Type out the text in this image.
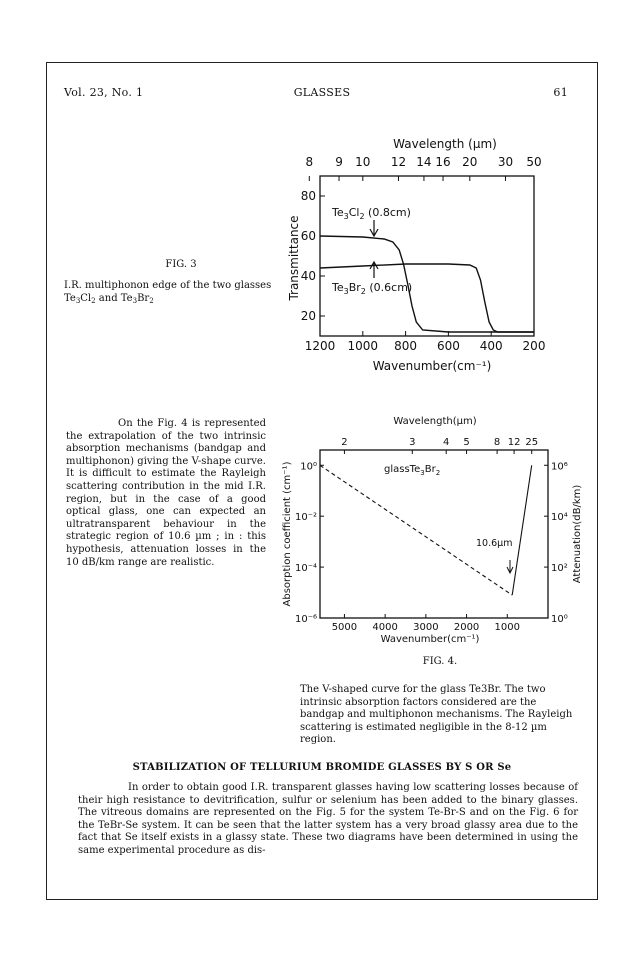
Vol. 23, No. 1	GLASSES	61
Wavelength (µm)
8 9 10 12 14 16 20 30 50
1200 1000 800 600 400 200
20
40
60
80
Transmittance
Wavenumber(cm⁻¹)
$Te_3Cl_2$ (0.8cm)
$Te_3Br_2$ (0.6cm)
FIG. 3
I.R. multiphonon edge of the two glasses $Te_3Cl_2$ and $Te_3Br_2$

On the Fig. 4 is represented the extrapolation of the two intrinsic absorption mechanisms (bandgap and multiphonon) giving the V-shape curve. It is difficult to estimate the Rayleigh scattering contribution in the mid I.R. region, but in the case of a good optical glass, one can expected an ultratransparent behaviour in the strategic region of 10.6 µm ; in : this hypothesis, attenuation losses in the 10 dB/km range are realistic.

Wavelength(µm)
2	3	4 5 8 12 25
5000 4000 3000 2000 1000
10⁰
10⁻²
10⁻⁴
10⁻⁶
10⁶
10⁴
10²
10⁰
Absorption coefficient (cm⁻¹)	Attenuation(dB/km)
Wavenumber(cm⁻¹)
$glassTe_3Br_2$
10.6µm
FIG. 4.
The V-shaped curve for the glass Te3Br. The two intrinsic absorption factors considered are the bandgap and multiphonon mechanisms. The Rayleigh scattering is estimated negligible in the 8-12 µm region.
STABILIZATION OF TELLURIUM BROMIDE GLASSES BY S OR Se

In order to obtain good I.R. transparent glasses having low scattering losses because of their high resistance to devitrification, sulfur or selenium has been added to the binary glasses. The vitreous domains are represented on the Fig. 5 for the system Te-Br-S and on the Fig. 6 for the TeBr-Se system. It can be seen that the latter system has a very broad glassy area due to the fact that Se itself exists in a glassy state. These two diagrams have been determined in using the same experimental procedure as dis-
